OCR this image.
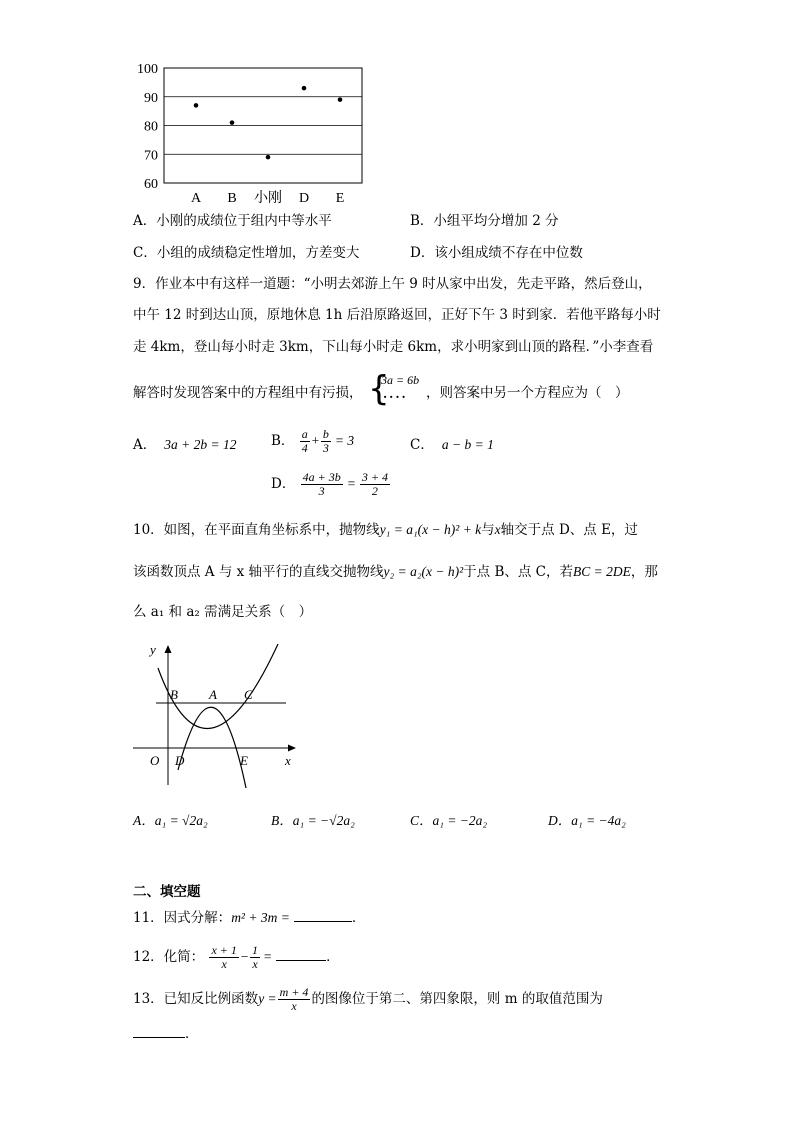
100
90
80
70
60
A B 小刚 D E
A．小刚的成绩位于组内中等水平	B．小组平均分增加 2 分
C．小组的成绩稳定性增加，方差变大	D．该小组成绩不存在中位数
9．作业本中有这样一道题：“小明去郊游上午 9 时从家中出发，先走平路，然后登山，
中午 12 时到达山顶，原地休息 1h 后沿原路返回，正好下午 3 时到家．若他平路每小时
走 4km，登山每小时走 3km，下山每小时走 6km，求小明家到山顶的路程．”小李查看
解答时发现答案中的方程组中有污损， {
3a = 6b
···· ，则答案中另一个方程应为（　）
A． 3a + 2b = 12	B． $\frac{a}{4} + \frac{b}{3} = 3$	C． a − b = 1
D． $\frac{4a + 3b}{3} = \frac{3 + 4}{2}$
10．如图，在平面直角坐标系中，抛物线y₁ = a₁(x − h)² + k与x轴交于点 D、点 E，过
该函数顶点 A 与 x 轴平行的直线交抛物线y₂ = a₂(x − h)²于点 B、点 C，若BC = 2DE，那
么 a₁ 和 a₂ 需满足关系（　）
y
x
O
B A C
D	E
A．a₁ = √2a₂	B．a₁ = −√2a₂	C．a₁ = −2a₂	D．a₁ = −4a₂
二、填空题
11．因式分解：m² + 3m =	．
12．化简： $\frac{x + 1}{x} - \frac{1}{x}$ =	．
13．已知反比例函数$y = \frac{m + 4}{x}$ 的图像位于第二、第四象限，则 m 的取值范围为
．
